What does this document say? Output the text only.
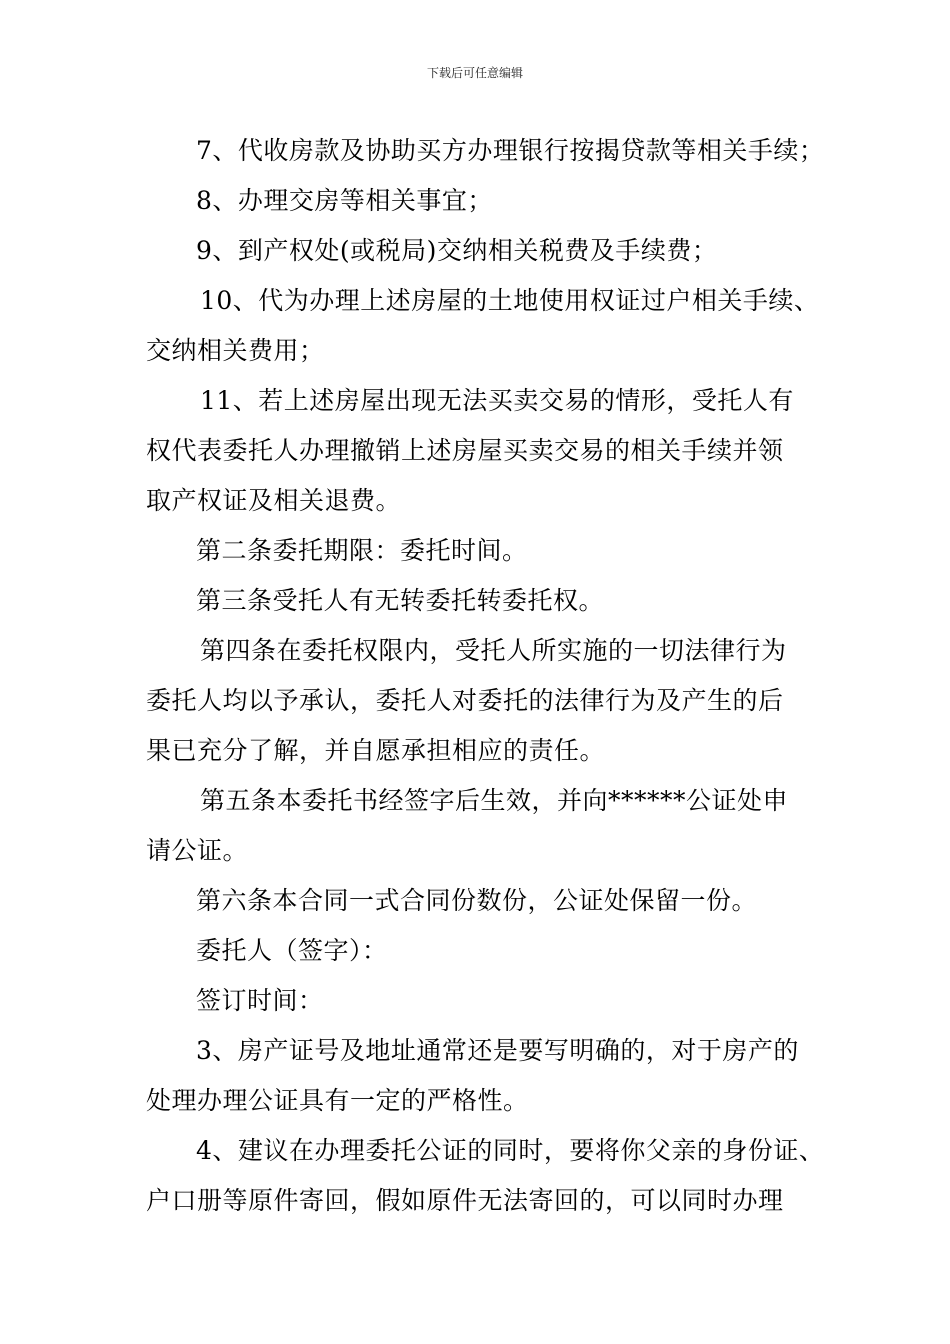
下载后可任意编辑
7、代收房款及协助买方办理银行按揭贷款等相关手续；
8、办理交房等相关事宜；
9、到产权处(或税局)交纳相关税费及手续费；
10、代为办理上述房屋的土地使用权证过户相关手续、
交纳相关费用；
11、若上述房屋出现无法买卖交易的情形，受托人有
权代表委托人办理撤销上述房屋买卖交易的相关手续并领
取产权证及相关退费。
第二条委托期限：委托时间。
第三条受托人有无转委托转委托权。
第四条在委托权限内，受托人所实施的一切法律行为
委托人均以予承认，委托人对委托的法律行为及产生的后
果已充分了解，并自愿承担相应的责任。
第五条本委托书经签字后生效，并向******公证处申
请公证。
第六条本合同一式合同份数份，公证处保留一份。
委托人（签字）：
签订时间：
3、房产证号及地址通常还是要写明确的，对于房产的
处理办理公证具有一定的严格性。
4、建议在办理委托公证的同时，要将你父亲的身份证、
户口册等原件寄回，假如原件无法寄回的，可以同时办理
